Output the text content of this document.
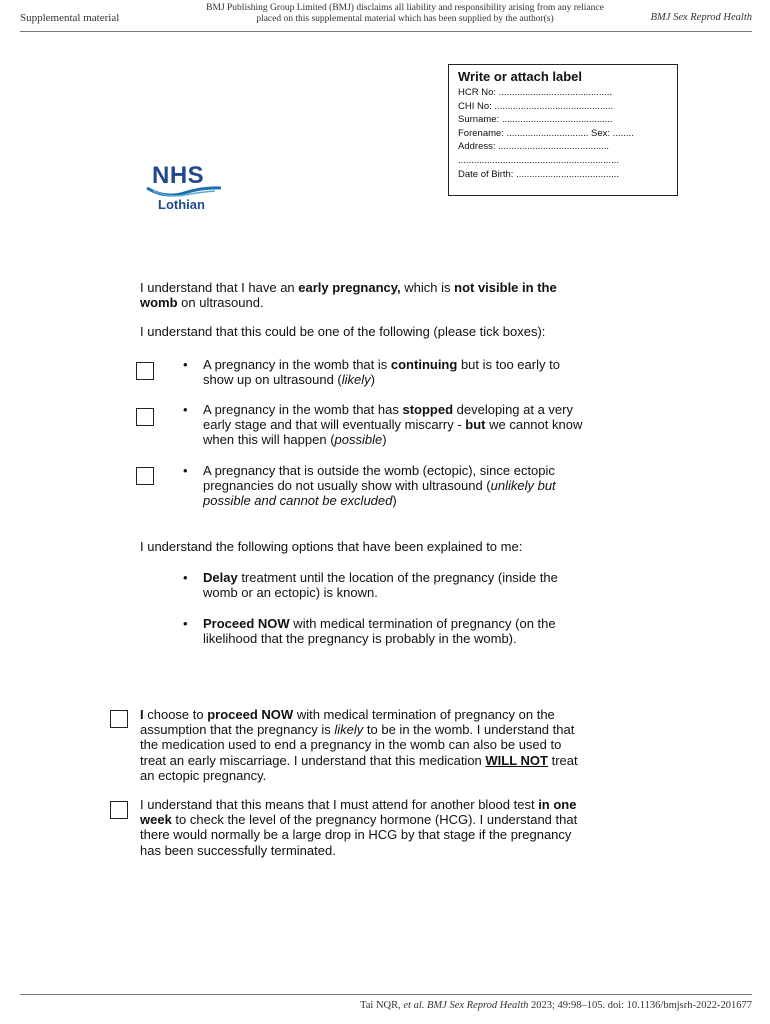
Supplemental material
BMJ Publishing Group Limited (BMJ) disclaims all liability and responsibility arising from any reliance
placed on this supplemental material which has been supplied by the author(s)	BMJ Sex Reprod Health
Write or attach label
HCR No: ...........................................
CHI No: .............................................
Surname: ..........................................
Forename: ............................... Sex: ........
Address: ..........................................
.............................................................
Date of Birth: .......................................
NHS
Lothian
I understand that I have an early pregnancy, which is not visible in the
womb on ultrasound.
I understand that this could be one of the following (please tick boxes):
• A pregnancy in the womb that is continuing but is too early to
show up on ultrasound (likely)
• A pregnancy in the womb that has stopped developing at a very
early stage and that will eventually miscarry - but we cannot know
when this will happen (possible)
• A pregnancy that is outside the womb (ectopic), since ectopic
pregnancies do not usually show with ultrasound (unlikely but
possible and cannot be excluded)
I understand the following options that have been explained to me:
• Delay treatment until the location of the pregnancy (inside the
womb or an ectopic) is known.
• Proceed NOW with medical termination of pregnancy (on the
likelihood that the pregnancy is probably in the womb).
I choose to proceed NOW with medical termination of pregnancy on the
assumption that the pregnancy is likely to be in the womb. I understand that
the medication used to end a pregnancy in the womb can also be used to
treat an early miscarriage. I understand that this medication WILL NOT treat
an ectopic pregnancy.
I understand that this means that I must attend for another blood test in one
week to check the level of the pregnancy hormone (HCG). I understand that
there would normally be a large drop in HCG by that stage if the pregnancy
has been successfully terminated.
Tai NQR, et al. BMJ Sex Reprod Health 2023; 49:98–105. doi: 10.1136/bmjsrh-2022-201677
